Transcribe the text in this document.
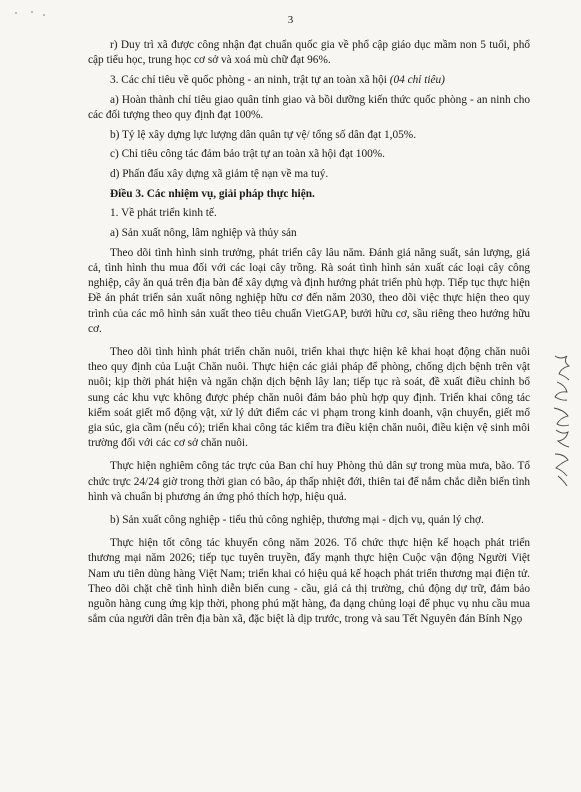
3

r) Duy trì xã được công nhận đạt chuẩn quốc gia về phổ cập giáo dục mầm non 5 tuổi, phổ cập tiểu học, trung học cơ sở và xoá mù chữ đạt 96%.

3. Các chỉ tiêu về quốc phòng - an ninh, trật tự an toàn xã hội (04 chỉ tiêu)

a) Hoàn thành chỉ tiêu giao quân tỉnh giao và bồi dưỡng kiến thức quốc phòng - an ninh cho các đối tượng theo quy định đạt 100%.

b) Tỷ lệ xây dựng lực lượng dân quân tự vệ/ tổng số dân đạt 1,05%.

c) Chỉ tiêu công tác đảm bảo trật tự an toàn xã hội đạt 100%.

d) Phấn đấu xây dựng xã giảm tệ nạn về ma tuý.

Điều 3. Các nhiệm vụ, giải pháp thực hiện.

1. Về phát triển kinh tế.

a) Sản xuất nông, lâm nghiệp và thủy sản

Theo dõi tình hình sinh trưởng, phát triển cây lâu năm. Đánh giá năng suất, sản lượng, giá cả, tình hình thu mua đối với các loại cây trồng. Rà soát tình hình sản xuất các loại cây công nghiệp, cây ăn quả trên địa bàn để xây dựng và định hướng phát triển phù hợp. Tiếp tục thực hiện Đề án phát triển sản xuất nông nghiệp hữu cơ đến năm 2030, theo dõi việc thực hiện theo quy trình của các mô hình sản xuất theo tiêu chuẩn VietGAP, bưởi hữu cơ, sầu riêng theo hướng hữu cơ.

Theo dõi tình hình phát triển chăn nuôi, triển khai thực hiện kê khai hoạt động chăn nuôi theo quy định của Luật Chăn nuôi. Thực hiện các giải pháp để phòng, chống dịch bệnh trên vật nuôi; kịp thời phát hiện và ngăn chặn dịch bệnh lây lan; tiếp tục rà soát, đề xuất điều chỉnh bổ sung các khu vực không được phép chăn nuôi đảm bảo phù hợp quy định. Triển khai công tác kiểm soát giết mổ động vật, xử lý dứt điểm các vi phạm trong kinh doanh, vận chuyển, giết mổ gia súc, gia cầm (nếu có); triển khai công tác kiểm tra điều kiện chăn nuôi, điều kiện vệ sinh môi trường đối với các cơ sở chăn nuôi.

Thực hiện nghiêm công tác trực của Ban chỉ huy Phòng thủ dân sự trong mùa mưa, bão. Tổ chức trực 24/24 giờ trong thời gian có bão, áp thấp nhiệt đới, thiên tai để nắm chắc diễn biến tình hình và chuẩn bị phương án ứng phó thích hợp, hiệu quả.

b) Sản xuất công nghiệp - tiểu thủ công nghiệp, thương mại - dịch vụ, quản lý chợ.

Thực hiện tốt công tác khuyến công năm 2026. Tổ chức thực hiện kế hoạch phát triển thương mại năm 2026; tiếp tục tuyên truyền, đẩy mạnh thực hiện Cuộc vận động Người Việt Nam ưu tiên dùng hàng Việt Nam; triển khai có hiệu quả kế hoạch phát triển thương mại điện tử. Theo dõi chặt chẽ tình hình diễn biến cung - cầu, giá cả thị trường, chủ động dự trữ, đảm bảo nguồn hàng cung ứng kịp thời, phong phú mặt hàng, đa dạng chủng loại để phục vụ nhu cầu mua sắm của người dân trên địa bàn xã, đặc biệt là dịp trước, trong và sau Tết Nguyên đán Bính Ngọ
